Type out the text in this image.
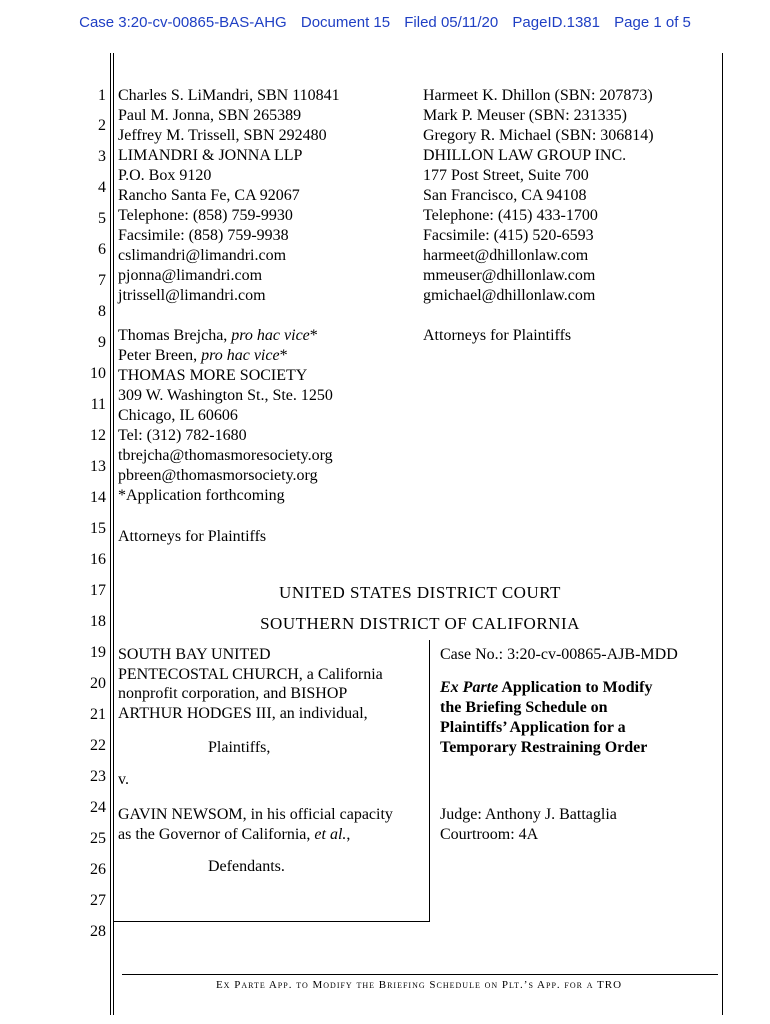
Case 3:20-cv-00865-BAS-AHG Document 15 Filed 05/11/20 PageID.1381 Page 1 of 5
1
2
3
4
5
6
7
8
9
10
11
12
13
14
15
16
17
18
19
20
21
22
23
24
25
26
27
28
Charles S. LiMandri, SBN 110841
Paul M. Jonna, SBN 265389
Jeffrey M. Trissell, SBN 292480
LIMANDRI & JONNA LLP
P.O. Box 9120
Rancho Santa Fe, CA 92067
Telephone: (858) 759-9930
Facsimile: (858) 759-9938
cslimandri@limandri.com
pjonna@limandri.com
jtrissell@limandri.com
Harmeet K. Dhillon (SBN: 207873)
Mark P. Meuser (SBN: 231335)
Gregory R. Michael (SBN: 306814)
DHILLON LAW GROUP INC.
177 Post Street, Suite 700
San Francisco, CA 94108
Telephone: (415) 433-1700
Facsimile: (415) 520-6593
harmeet@dhillonlaw.com
mmeuser@dhillonlaw.com
gmichael@dhillonlaw.com
Attorneys for Plaintiffs
Thomas Brejcha, pro hac vice*
Peter Breen, pro hac vice*
THOMAS MORE SOCIETY
309 W. Washington St., Ste. 1250
Chicago, IL 60606
Tel: (312) 782-1680
tbrejcha@thomasmoresociety.org
pbreen@thomasmorsociety.org
*Application forthcoming
Attorneys for Plaintiffs
UNITED STATES DISTRICT COURT
SOUTHERN DISTRICT OF CALIFORNIA
SOUTH BAY UNITED
PENTECOSTAL CHURCH, a California
nonprofit corporation, and BISHOP
ARTHUR HODGES III, an individual,
Plaintiffs,
v.
GAVIN NEWSOM, in his official capacity
as the Governor of California, et al.,
Defendants.
Case No.: 3:20-cv-00865-AJB-MDD
Ex Parte Application to Modify
the Briefing Schedule on
Plaintiffs’ Application for a
Temporary Restraining Order
Judge: Anthony J. Battaglia
Courtroom: 4A
Ex Parte App. to Modify the Briefing Schedule on Plt.’s App. for a TRO
